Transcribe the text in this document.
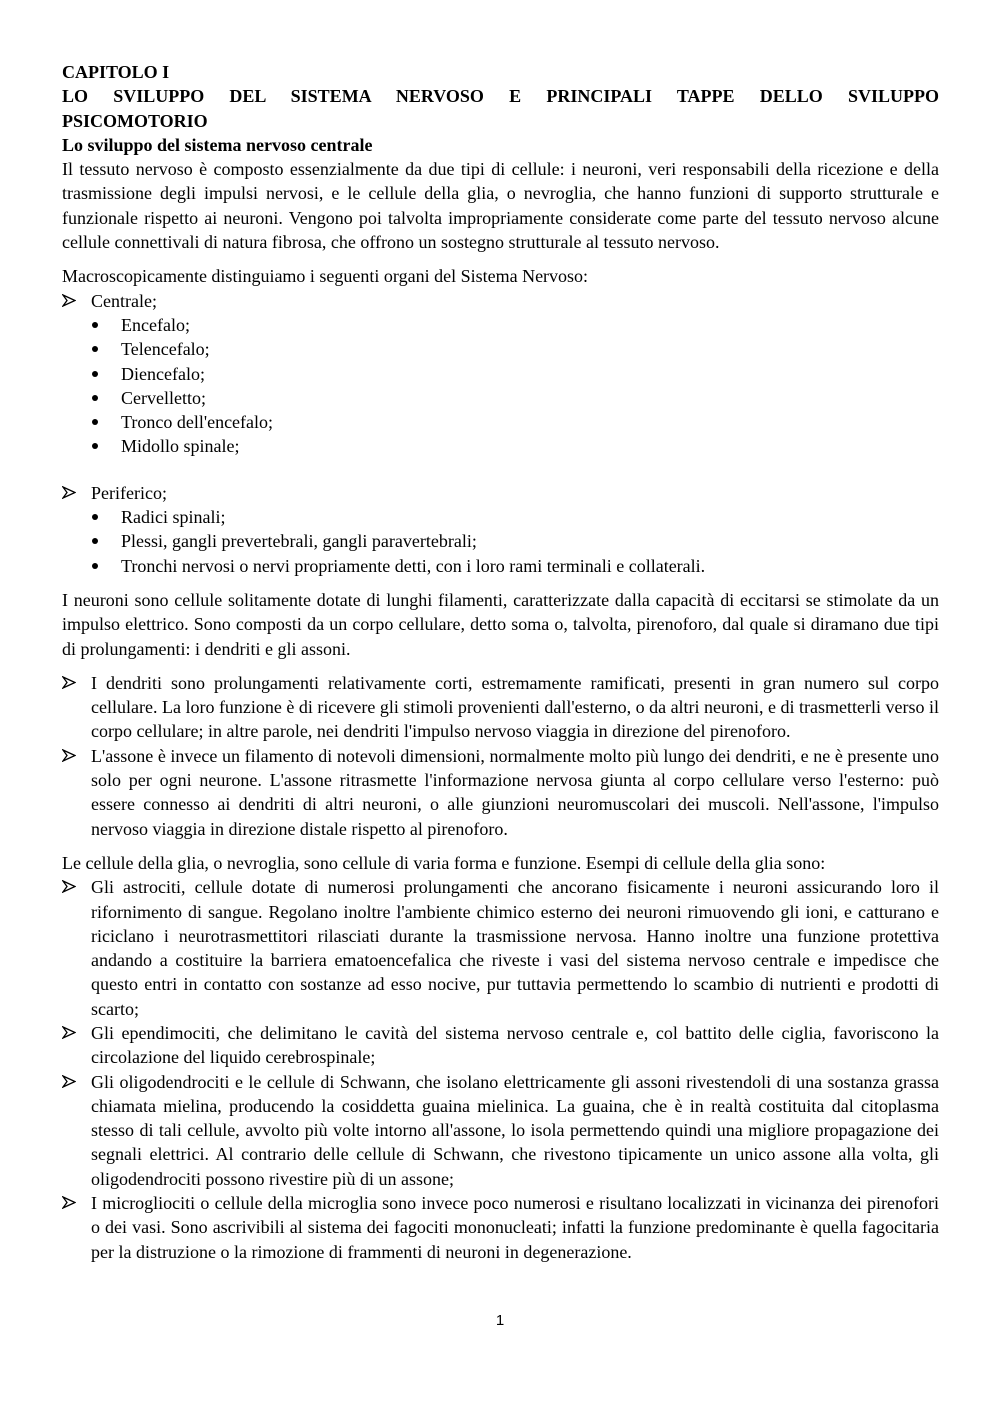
CAPITOLO I

LO SVILUPPO DEL SISTEMA NERVOSO E PRINCIPALI TAPPE DELLO SVILUPPO

PSICOMOTORIO

Lo sviluppo del sistema nervoso centrale

Il tessuto nervoso è composto essenzialmente da due tipi di cellule: i neuroni, veri responsabili della ricezione e della trasmissione degli impulsi nervosi, e le cellule della glia, o nevroglia, che hanno funzioni di supporto strutturale e funzionale rispetto ai neuroni. Vengono poi talvolta impropriamente considerate come parte del tessuto nervoso alcune cellule connettivali di natura fibrosa, che offrono un sostegno strutturale al tessuto nervoso.

Macroscopicamente distinguiamo i seguenti organi del Sistema Nervoso:

Centrale;
Encefalo;
Telencefalo;
Diencefalo;
Cervelletto;
Tronco dell'encefalo;
Midollo spinale;
Periferico;
Radici spinali;
Plessi, gangli prevertebrali, gangli paravertebrali;
Tronchi nervosi o nervi propriamente detti, con i loro rami terminali e collaterali.

I neuroni sono cellule solitamente dotate di lunghi filamenti, caratterizzate dalla capacità di eccitarsi se stimolate da un impulso elettrico. Sono composti da un corpo cellulare, detto soma o, talvolta, pirenoforo, dal quale si diramano due tipi di prolungamenti: i dendriti e gli assoni.

I dendriti sono prolungamenti relativamente corti, estremamente ramificati, presenti in gran numero sul corpo cellulare. La loro funzione è di ricevere gli stimoli provenienti dall'esterno, o da altri neuroni, e di trasmetterli verso il corpo cellulare; in altre parole, nei dendriti l'impulso nervoso viaggia in direzione del pirenoforo.
L'assone è invece un filamento di notevoli dimensioni, normalmente molto più lungo dei dendriti, e ne è presente uno solo per ogni neurone. L'assone ritrasmette l'informazione nervosa giunta al corpo cellulare verso l'esterno: può essere connesso ai dendriti di altri neuroni, o alle giunzioni neuromuscolari dei muscoli. Nell'assone, l'impulso nervoso viaggia in direzione distale rispetto al pirenoforo.

Le cellule della glia, o nevroglia, sono cellule di varia forma e funzione. Esempi di cellule della glia sono:

Gli astrociti, cellule dotate di numerosi prolungamenti che ancorano fisicamente i neuroni assicurando loro il rifornimento di sangue. Regolano inoltre l'ambiente chimico esterno dei neuroni rimuovendo gli ioni, e catturano e riciclano i neurotrasmettitori rilasciati durante la trasmissione nervosa. Hanno inoltre una funzione protettiva andando a costituire la barriera ematoencefalica che riveste i vasi del sistema nervoso centrale e impedisce che questo entri in contatto con sostanze ad esso nocive, pur tuttavia permettendo lo scambio di nutrienti e prodotti di scarto;
Gli ependimociti, che delimitano le cavità del sistema nervoso centrale e, col battito delle ciglia, favoriscono la circolazione del liquido cerebrospinale;
Gli oligodendrociti e le cellule di Schwann, che isolano elettricamente gli assoni rivestendoli di una sostanza grassa chiamata mielina, producendo la cosiddetta guaina mielinica. La guaina, che è in realtà costituita dal citoplasma stesso di tali cellule, avvolto più volte intorno all'assone, lo isola permettendo quindi una migliore propagazione dei segnali elettrici. Al contrario delle cellule di Schwann, che rivestono tipicamente un unico assone alla volta, gli oligodendrociti possono rivestire più di un assone;
I microgliociti o cellule della microglia sono invece poco numerosi e risultano localizzati in vicinanza dei pirenofori o dei vasi. Sono ascrivibili al sistema dei fagociti mononucleati; infatti la funzione predominante è quella fagocitaria per la distruzione o la rimozione di frammenti di neuroni in degenerazione.
1
